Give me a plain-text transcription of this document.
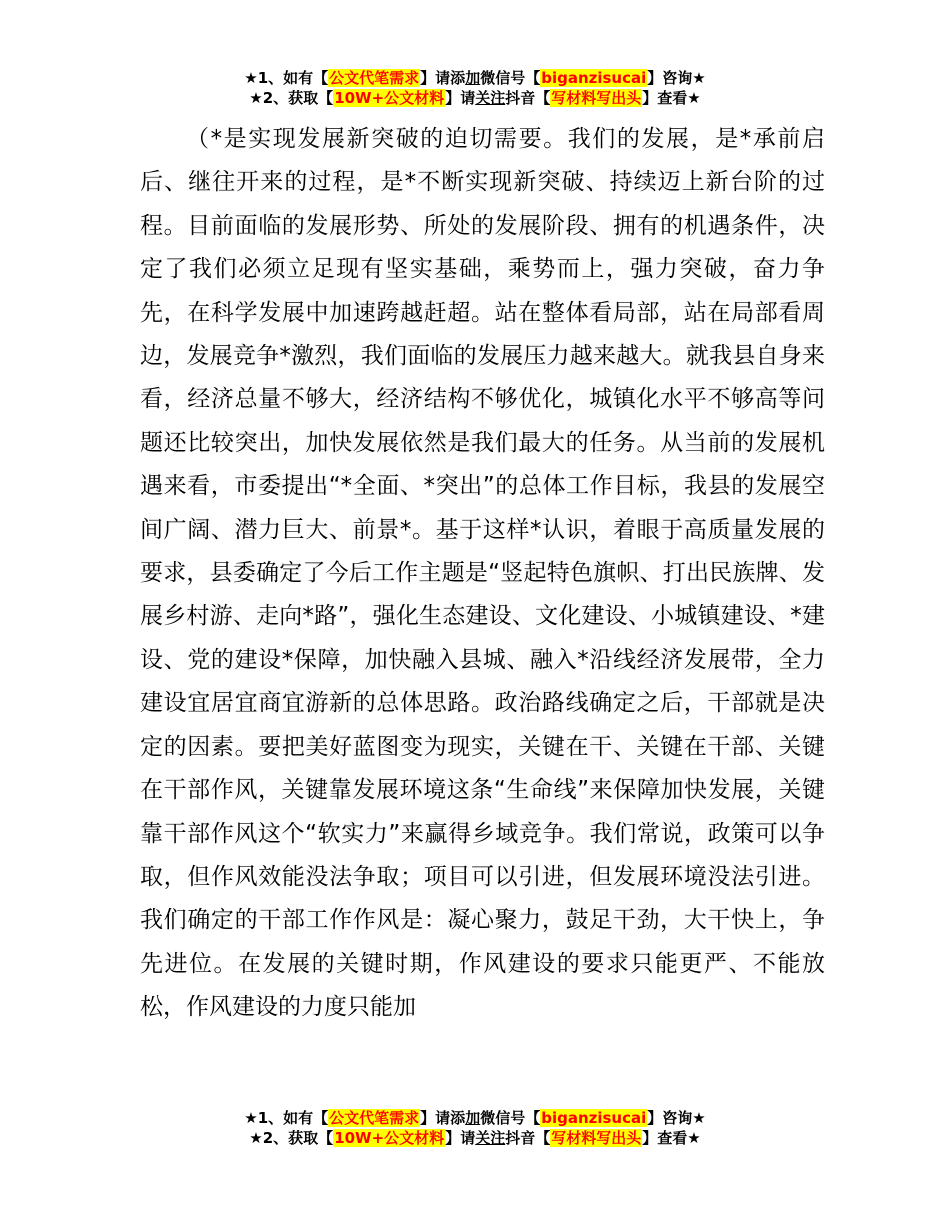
★1、如有【公文代笔需求】请添加微信号【biganzisucai】咨询★
★2、获取【10W+公文材料】请关注抖音【写材料写出头】查看★

（*是实现发展新突破的迫切需要。我们的发展，是*承前启后、继往开来的过程，是*不断实现新突破、持续迈上新台阶的过程。目前面临的发展形势、所处的发展阶段、拥有的机遇条件，决定了我们必须立足现有坚实基础，乘势而上，强力突破，奋力争先，在科学发展中加速跨越赶超。站在整体看局部，站在局部看周边，发展竞争*激烈，我们面临的发展压力越来越大。就我县自身来看，经济总量不够大，经济结构不够优化，城镇化水平不够高等问题还比较突出，加快发展依然是我们最大的任务。从当前的发展机遇来看，市委提出“*全面、*突出”的总体工作目标，我县的发展空间广阔、潜力巨大、前景*。基于这样*认识，着眼于高质量发展的要求，县委确定了今后工作主题是“竖起特色旗帜、打出民族牌、发展乡村游、走向*路”，强化生态建设、文化建设、小城镇建设、*建设、党的建设*保障，加快融入县城、融入*沿线经济发展带，全力建设宜居宜商宜游新的总体思路。政治路线确定之后，干部就是决定的因素。要把美好蓝图变为现实，关键在干、关键在干部、关键在干部作风，关键靠发展环境这条“生命线”来保障加快发展，关键靠干部作风这个“软实力”来赢得乡域竞争。我们常说，政策可以争取，但作风效能没法争取；项目可以引进，但发展环境没法引进。我们确定的干部工作作风是：凝心聚力，鼓足干劲，大干快上，争先进位。在发展的关键时期，作风建设的要求只能更严、不能放松，作风建设的力度只能加

★1、如有【公文代笔需求】请添加微信号【biganzisucai】咨询★
★2、获取【10W+公文材料】请关注抖音【写材料写出头】查看★
